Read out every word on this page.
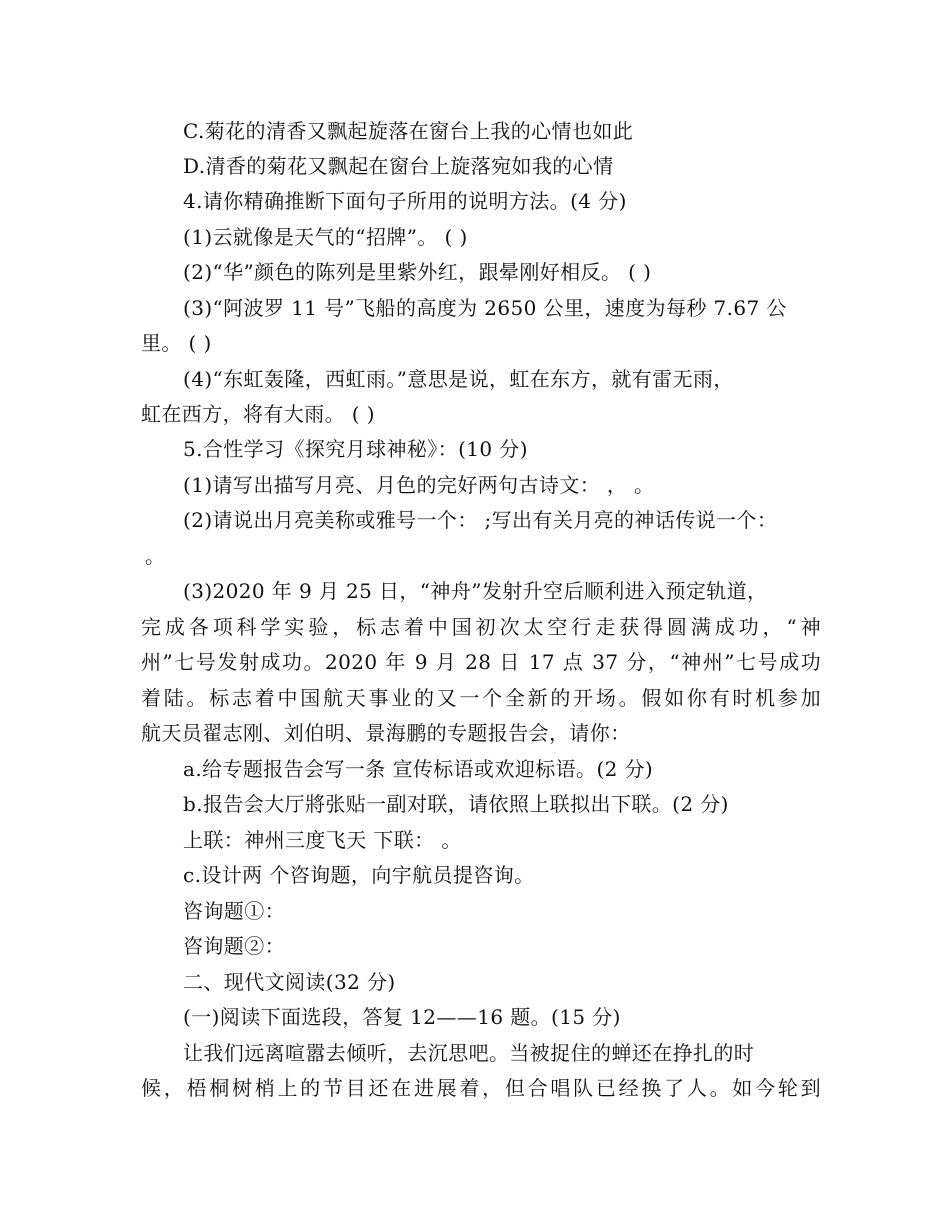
C.菊花的清香又飘起旋落在窗台上我的心情也如此
D.清香的菊花又飘起在窗台上旋落宛如我的心情
4.请你精确推断下面句子所用的说明方法。(4 分)
(1)云就像是天气的“招牌”。 ( )
(2)“华”颜色的陈列是里紫外红，跟晕刚好相反。 ( )
(3)“阿波罗 11 号”飞船的高度为 2650 公里，速度为每秒 7.67 公
里。 ( )
(4)“东虹轰隆，西虹雨。”意思是说，虹在东方，就有雷无雨，
虹在西方，将有大雨。 ( )
5.合性学习《探究月球神秘》：(10 分)
(1)请写出描写月亮、月色的完好两句古诗文： ， 。
(2)请说出月亮美称或雅号一个： ;写出有关月亮的神话传说一个：
。
(3)2020 年 9 月 25 日，“神舟”发射升空后顺利进入预定轨道，
完成各项科学实验，标志着中国初次太空行走获得圆满成功，“神
州”七号发射成功。2020 年 9 月 28 日 17 点 37 分，“神州”七号成功
着陆。标志着中国航天事业的又一个全新的开场。假如你有时机参加
航天员翟志刚、刘伯明、景海鹏的专题报告会，请你：
a.给专题报告会写一条 宣传标语或欢迎标语。(2 分)
b.报告会大厅將张贴一副对联，请依照上联拟出下联。(2 分)
上联：神州三度飞天 下联： 。
c.设计两 个咨询题，向宇航员提咨询。
咨询题①：
咨询题②：
二、现代文阅读(32 分)
(一)阅读下面选段，答复 12——16 题。(15 分)
让我们远离喧嚣去倾听，去沉思吧。当被捉住的蝉还在挣扎的时
候，梧桐树梢上的节目还在进展着，但合唱队已经换了人。如今轮到
